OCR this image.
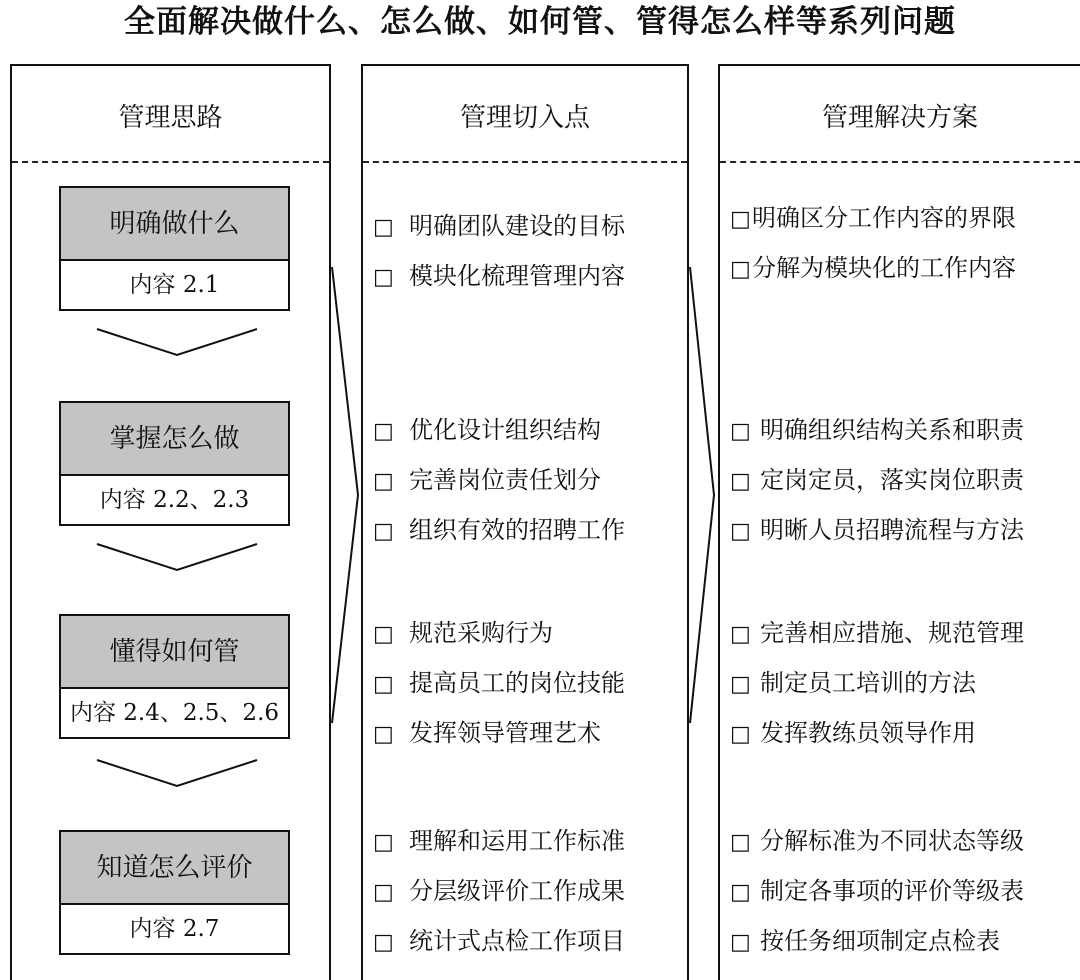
全面解决做什么、怎么做、如何管、管得怎么样等系列问题
管理思路
明确做什么
内容 2.1
掌握怎么做
内容 2.2、2.3
懂得如何管
内容 2.4、2.5、2.6
知道怎么评价
内容 2.7
管理切入点
□ 明确团队建设的目标
□ 模块化梳理管理内容
□ 优化设计组织结构
□ 完善岗位责任划分
□ 组织有效的招聘工作
□ 规范采购行为
□ 提高员工的岗位技能
□ 发挥领导管理艺术
□ 理解和运用工作标准
□ 分层级评价工作成果
□ 统计式点检工作项目
管理解决方案
□明确区分工作内容的界限
□分解为模块化的工作内容
□ 明确组织结构关系和职责
□ 定岗定员，落实岗位职责
□ 明晰人员招聘流程与方法
□ 完善相应措施、规范管理
□ 制定员工培训的方法
□ 发挥教练员领导作用
□ 分解标准为不同状态等级
□ 制定各事项的评价等级表
□ 按任务细项制定点检表
